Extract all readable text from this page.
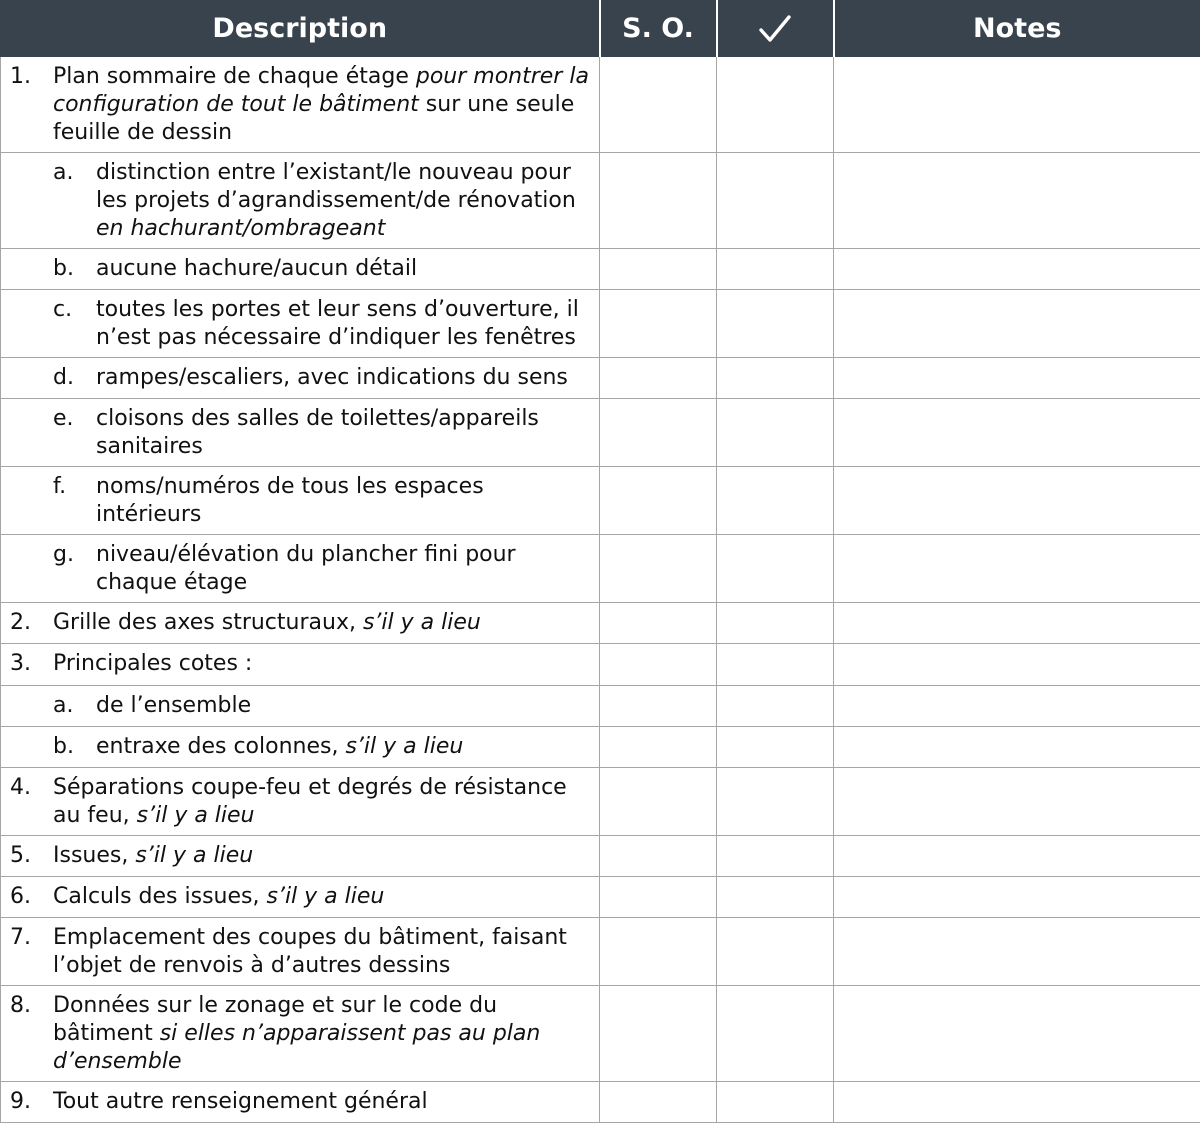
Description	S. O.		Notes

1. Plan sommaire de chaque étage pour montrer la configuration de tout le bâtiment sur une seule feuille de dessin			

a. distinction entre l’existant/le nouveau pour les projets d’agrandissement/de rénovation en hachurant/ombrageant			

b. aucune hachure/aucun détail			

c. toutes les portes et leur sens d’ouverture, il n’est pas nécessaire d’indiquer les fenêtres			

d. rampes/escaliers, avec indications du sens			

e. cloisons des salles de toilettes/appareils sanitaires			

f. noms/numéros de tous les espaces intérieurs			

g. niveau/élévation du plancher fini pour chaque étage			

2. Grille des axes structuraux, s’il y a lieu			

3. Principales cotes :			

a. de l’ensemble			

b. entraxe des colonnes, s’il y a lieu			

4. Séparations coupe-feu et degrés de résistance au feu, s’il y a lieu			

5. Issues, s’il y a lieu			

6. Calculs des issues, s’il y a lieu			

7. Emplacement des coupes du bâtiment, faisant l’objet de renvois à d’autres dessins			

8. Données sur le zonage et sur le code du bâtiment si elles n’apparaissent pas au plan d’ensemble			

9. Tout autre renseignement général			
